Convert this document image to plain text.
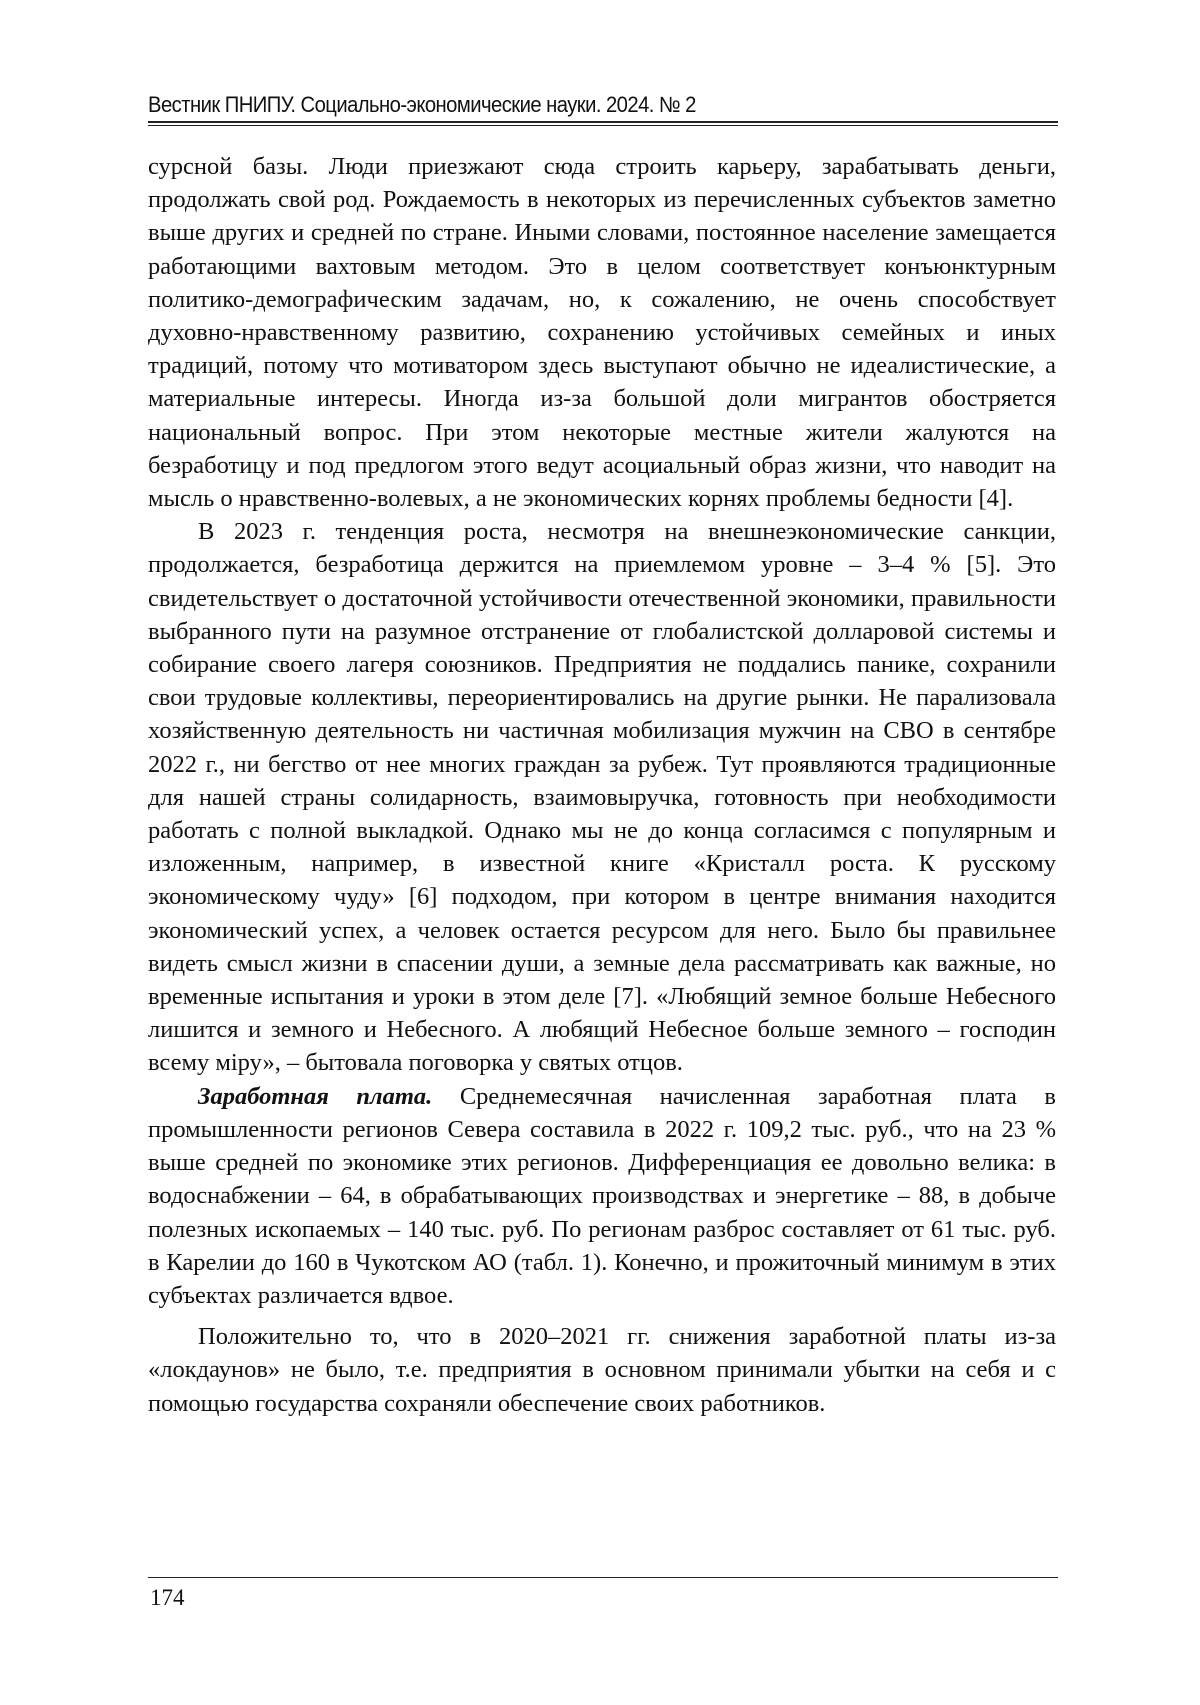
Вестник ПНИПУ. Социально-экономические науки. 2024. № 2

сурсной базы. Люди приезжают сюда строить карьеру, зарабатывать деньги, продолжать свой род. Рождаемость в некоторых из перечисленных субъектов заметно выше других и средней по стране. Иными словами, постоянное население замещается работающими вахтовым методом. Это в целом соответствует конъюнктурным политико-демографическим задачам, но, к сожалению, не очень способствует духовно-нравственному развитию, сохранению устойчивых семейных и иных традиций, потому что мотиватором здесь выступают обычно не идеалистические, а материальные интересы. Иногда из-за большой доли мигрантов обостряется национальный вопрос. При этом некоторые местные жители жалуются на безработицу и под предлогом этого ведут асоциальный образ жизни, что наводит на мысль о нравственно-волевых, а не экономических корнях проблемы бедности [4].

В 2023 г. тенденция роста, несмотря на внешнеэкономические санкции, продолжается, безработица держится на приемлемом уровне – 3–4 % [5]. Это свидетельствует о достаточной устойчивости отечественной экономики, правильности выбранного пути на разумное отстранение от глобалистской долларовой системы и собирание своего лагеря союзников. Предприятия не поддались панике, сохранили свои трудовые коллективы, переориентировались на другие рынки. Не парализовала хозяйственную деятельность ни частичная мобилизация мужчин на СВО в сентябре 2022 г., ни бегство от нее многих граждан за рубеж. Тут проявляются традиционные для нашей страны солидарность, взаимовыручка, готовность при необходимости работать с полной выкладкой. Однако мы не до конца согласимся с популярным и изложенным, например, в известной книге «Кристалл роста. К русскому экономическому чуду» [6] подходом, при котором в центре внимания находится экономический успех, а человек остается ресурсом для него. Было бы правильнее видеть смысл жизни в спасении души, а земные дела рассматривать как важные, но временные испытания и уроки в этом деле [7]. «Любящий земное больше Небесного лишится и земного и Небесного. А любящий Небесное больше земного – господин всему міру», – бытовала поговорка у святых отцов.

Заработная плата. Среднемесячная начисленная заработная плата в промышленности регионов Севера составила в 2022 г. 109,2 тыс. руб., что на 23 % выше средней по экономике этих регионов. Дифференциация ее довольно велика: в водоснабжении – 64, в обрабатывающих производствах и энергетике – 88, в добыче полезных ископаемых – 140 тыс. руб. По регионам разброс составляет от 61 тыс. руб. в Карелии до 160 в Чукотском АО (табл. 1). Конечно, и прожиточный минимум в этих субъектах различается вдвое.

Положительно то, что в 2020–2021 гг. снижения заработной платы из-за «локдаунов» не было, т.е. предприятия в основном принимали убытки на себя и с помощью государства сохраняли обеспечение своих работников.

174
